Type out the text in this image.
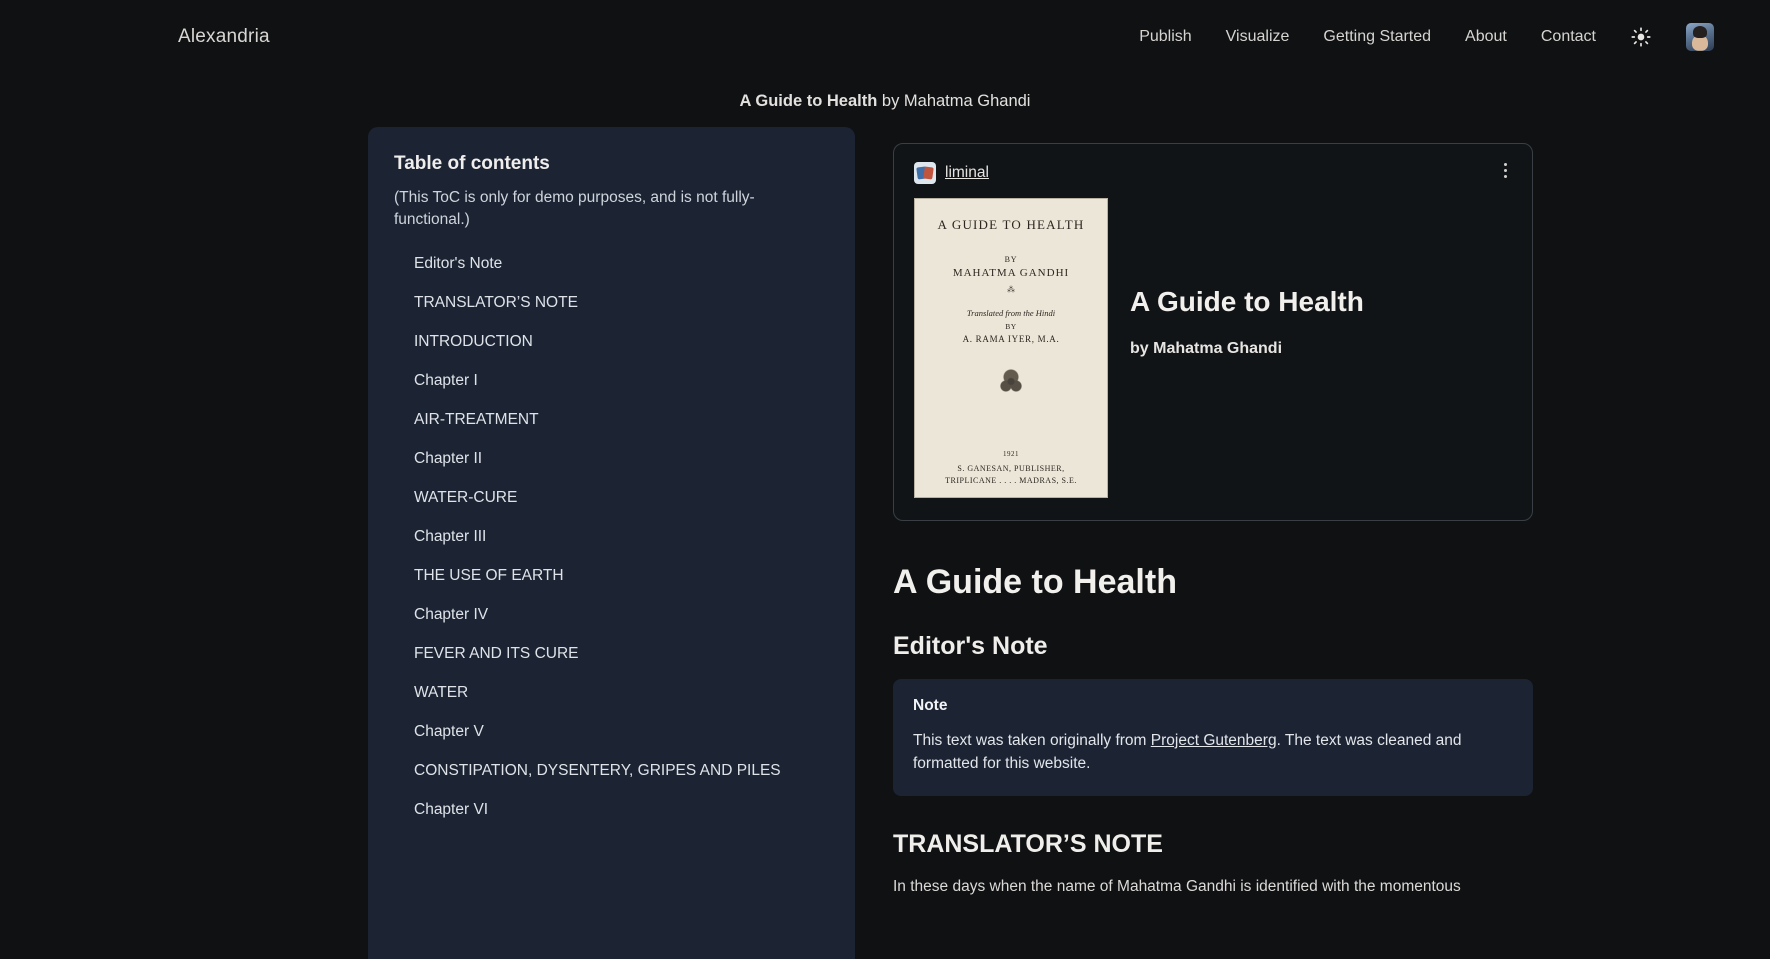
Alexandria	Publish Visualize Getting Started About Contact
A Guide to Health by Mahatma Ghandi
Table of contents
(This ToC is only for demo purposes, and is not fully-functional.)
Editor's Note
TRANSLATOR’S NOTE
INTRODUCTION
Chapter I
AIR-TREATMENT
Chapter II
WATER-CURE
Chapter III
THE USE OF EARTH
Chapter IV
FEVER AND ITS CURE
WATER
Chapter V
CONSTIPATION, DYSENTERY, GRIPES AND PILES
Chapter VI
liminal
A GUIDE TO HEALTH
BY
MAHATMA GANDHI
⁂
Translated from the Hindi
BY
A. RAMA IYER, M.A.
1921
S. GANESAN, PUBLISHER,
TRIPLICANE . . . . MADRAS, S.E.
A Guide to Health
by Mahatma Ghandi
A Guide to Health
Editor's Note
Note
This text was taken originally from Project Gutenberg. The text was cleaned and formatted for this website.
TRANSLATOR’S NOTE

In these days when the name of Mahatma Gandhi is identified with the momentous
